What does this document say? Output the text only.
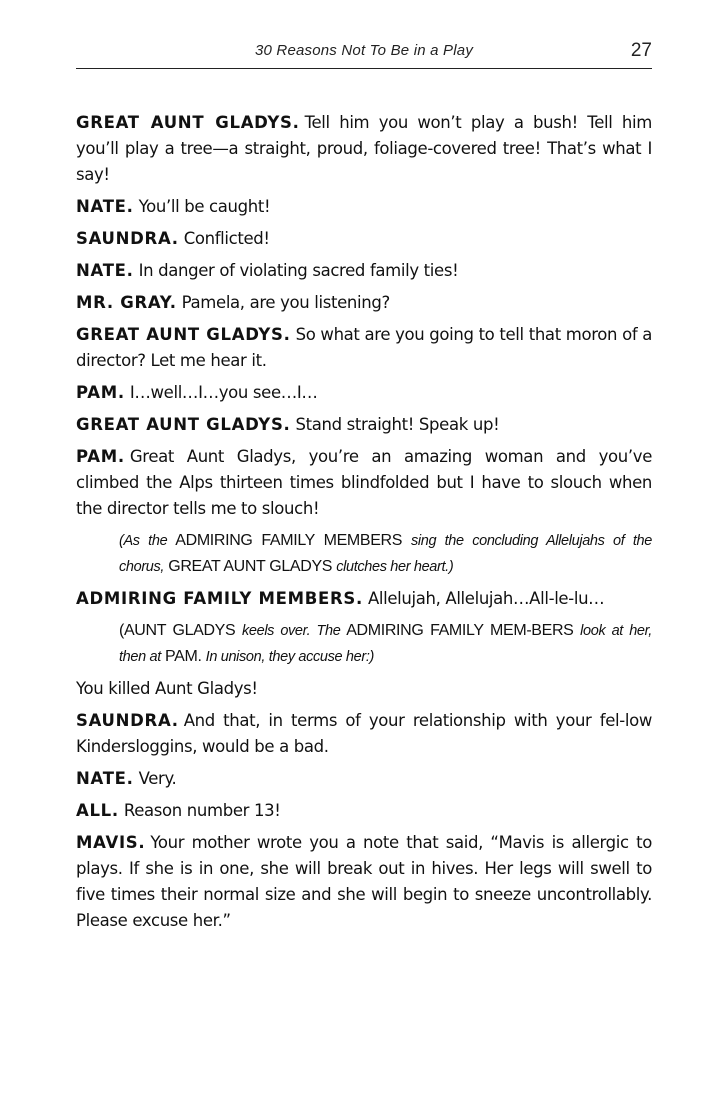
30 Reasons Not To Be in a Play	27

GREAT AUNT GLADYS. Tell him you won’t play a bush! Tell him you’ll play a tree—a straight, proud, foliage-covered tree! That’s what I say!

NATE. You’ll be caught!

SAUNDRA. Conflicted!

NATE. In danger of violating sacred family ties!

MR. GRAY. Pamela, are you listening?

GREAT AUNT GLADYS. So what are you going to tell that moron of a director? Let me hear it.

PAM. I…well…I…you see…I…

GREAT AUNT GLADYS. Stand straight! Speak up!

PAM. Great Aunt Gladys, you’re an amazing woman and you’ve climbed the Alps thirteen times blindfolded but I have to slouch when the director tells me to slouch!

(As the ADMIRING FAMILY MEMBERS sing the concluding Allelujahs of the chorus, GREAT AUNT GLADYS clutches her heart.)

ADMIRING FAMILY MEMBERS. Allelujah, Allelujah…All-le-lu…

(AUNT GLADYS keels over. The ADMIRING FAMILY MEM-BERS look at her, then at PAM. In unison, they accuse her:)

You killed Aunt Gladys!

SAUNDRA. And that, in terms of your relationship with your fel-low Kindersloggins, would be a bad.

NATE. Very.

ALL. Reason number 13!

MAVIS. Your mother wrote you a note that said, “Mavis is allergic to plays. If she is in one, she will break out in hives. Her legs will swell to five times their normal size and she will begin to sneeze uncontrollably. Please excuse her.”
